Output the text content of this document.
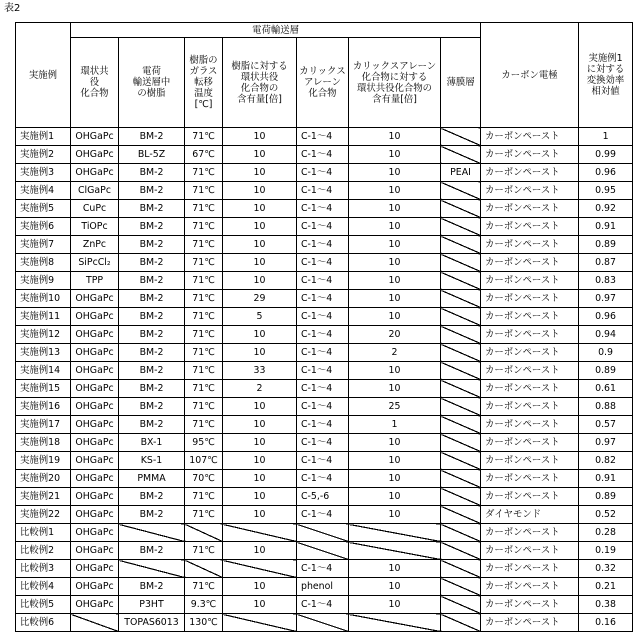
表2
実施例	電荷輸送層	カーボン電極	実施例1
に対する
変換効率
相対値
環状共
役
化合物	電荷
輸送層中
の樹脂	樹脂の
ガラス
転移
温度
[℃]	樹脂に対する
環状共役
化合物の
含有量[倍]	カリックス
アレーン
化合物	カリックスアレーン
化合物に対する
環状共役化合物の
含有量[倍]	薄膜層
実施例1	OHGaPc	BM-2	71℃	10	C-1～4	10		カーボンペースト	1
実施例2	OHGaPc	BL-5Z	67℃	10	C-1～4	10		カーボンペースト	0.99
実施例3	OHGaPc	BM-2	71℃	10	C-1～4	10	PEAI	カーボンペースト	0.96
実施例4	ClGaPc	BM-2	71℃	10	C-1～4	10		カーボンペースト	0.95
実施例5	CuPc	BM-2	71℃	10	C-1～4	10		カーボンペースト	0.92
実施例6	TiOPc	BM-2	71℃	10	C-1～4	10		カーボンペースト	0.91
実施例7	ZnPc	BM-2	71℃	10	C-1～4	10		カーボンペースト	0.89
実施例8	SiPcCl₂	BM-2	71℃	10	C-1～4	10		カーボンペースト	0.87
実施例9	TPP	BM-2	71℃	10	C-1～4	10		カーボンペースト	0.83
実施例10	OHGaPc	BM-2	71℃	29	C-1～4	10		カーボンペースト	0.97
実施例11	OHGaPc	BM-2	71℃	5	C-1～4	10		カーボンペースト	0.96
実施例12	OHGaPc	BM-2	71℃	10	C-1～4	20		カーボンペースト	0.94
実施例13	OHGaPc	BM-2	71℃	10	C-1～4	2		カーボンペースト	0.9
実施例14	OHGaPc	BM-2	71℃	33	C-1～4	10		カーボンペースト	0.89
実施例15	OHGaPc	BM-2	71℃	2	C-1～4	10		カーボンペースト	0.61
実施例16	OHGaPc	BM-2	71℃	10	C-1～4	25		カーボンペースト	0.88
実施例17	OHGaPc	BM-2	71℃	10	C-1～4	1		カーボンペースト	0.57
実施例18	OHGaPc	BX-1	95℃	10	C-1～4	10		カーボンペースト	0.97
実施例19	OHGaPc	KS-1	107℃	10	C-1～4	10		カーボンペースト	0.82
実施例20	OHGaPc	PMMA	70℃	10	C-1～4	10		カーボンペースト	0.91
実施例21	OHGaPc	BM-2	71℃	10	C-5,-6	10		カーボンペースト	0.89
実施例22	OHGaPc	BM-2	71℃	10	C-1～4	10		ダイヤモンド	0.52
比較例1	OHGaPc							カーボンペースト	0.28
比較例2	OHGaPc	BM-2	71℃	10				カーボンペースト	0.19
比較例3	OHGaPc				C-1～4	10		カーボンペースト	0.32
比較例4	OHGaPc	BM-2	71℃	10	phenol	10		カーボンペースト	0.21
比較例5	OHGaPc	P3HT	9.3℃	10	C-1～4	10		カーボンペースト	0.38
比較例6		TOPAS6013	130℃					カーボンペースト	0.16
